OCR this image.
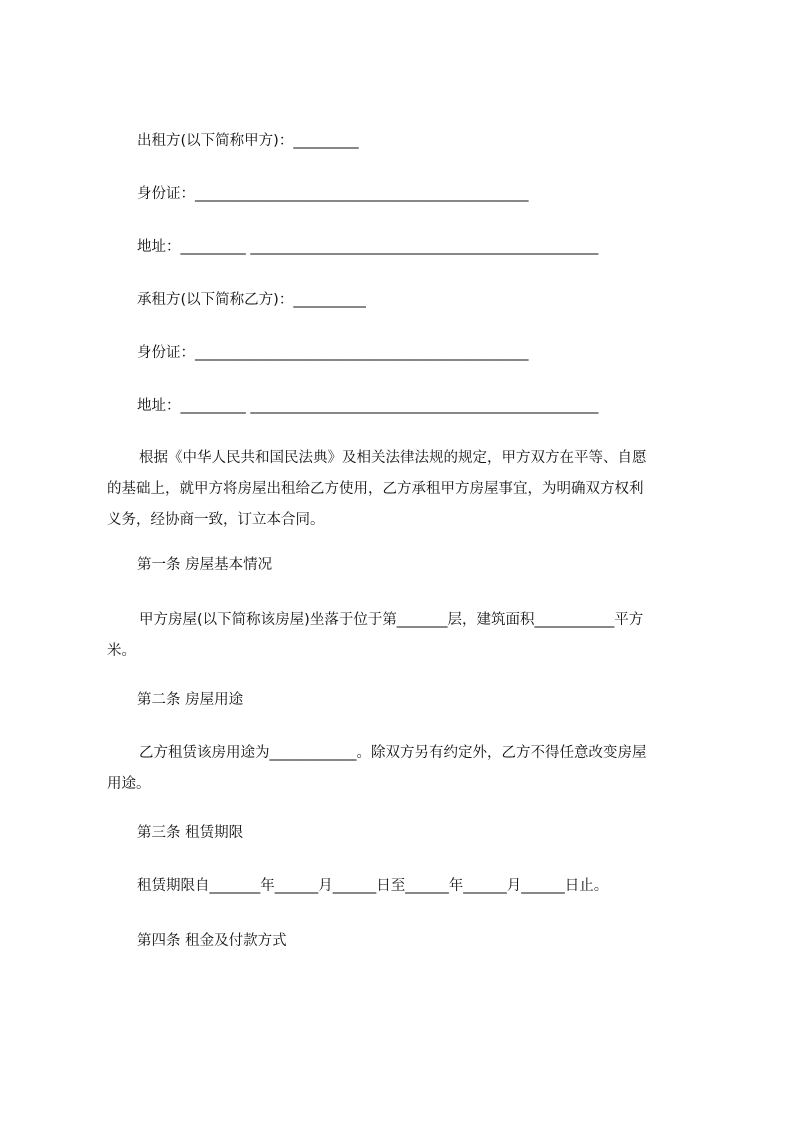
出租方(以下简称甲方)：_________
身份证：______________________________________________
地址：_________ ________________________________________________
承租方(以下简称乙方)：__________
身份证：______________________________________________
地址：_________ ________________________________________________
根据《中华人民共和国民法典》及相关法律法规的规定，甲方双方在平等、自愿
的基础上，就甲方将房屋出租给乙方使用，乙方承租甲方房屋事宜，为明确双方权利
义务，经协商一致，订立本合同。
第一条 房屋基本情况
甲方房屋(以下简称该房屋)坐落于位于第_______层，建筑面积___________平方
米。
第二条 房屋用途
乙方租赁该房用途为____________。除双方另有约定外，乙方不得任意改变房屋
用途。
第三条 租赁期限
租赁期限自_______年______月______日至______年______月______日止。
第四条 租金及付款方式
